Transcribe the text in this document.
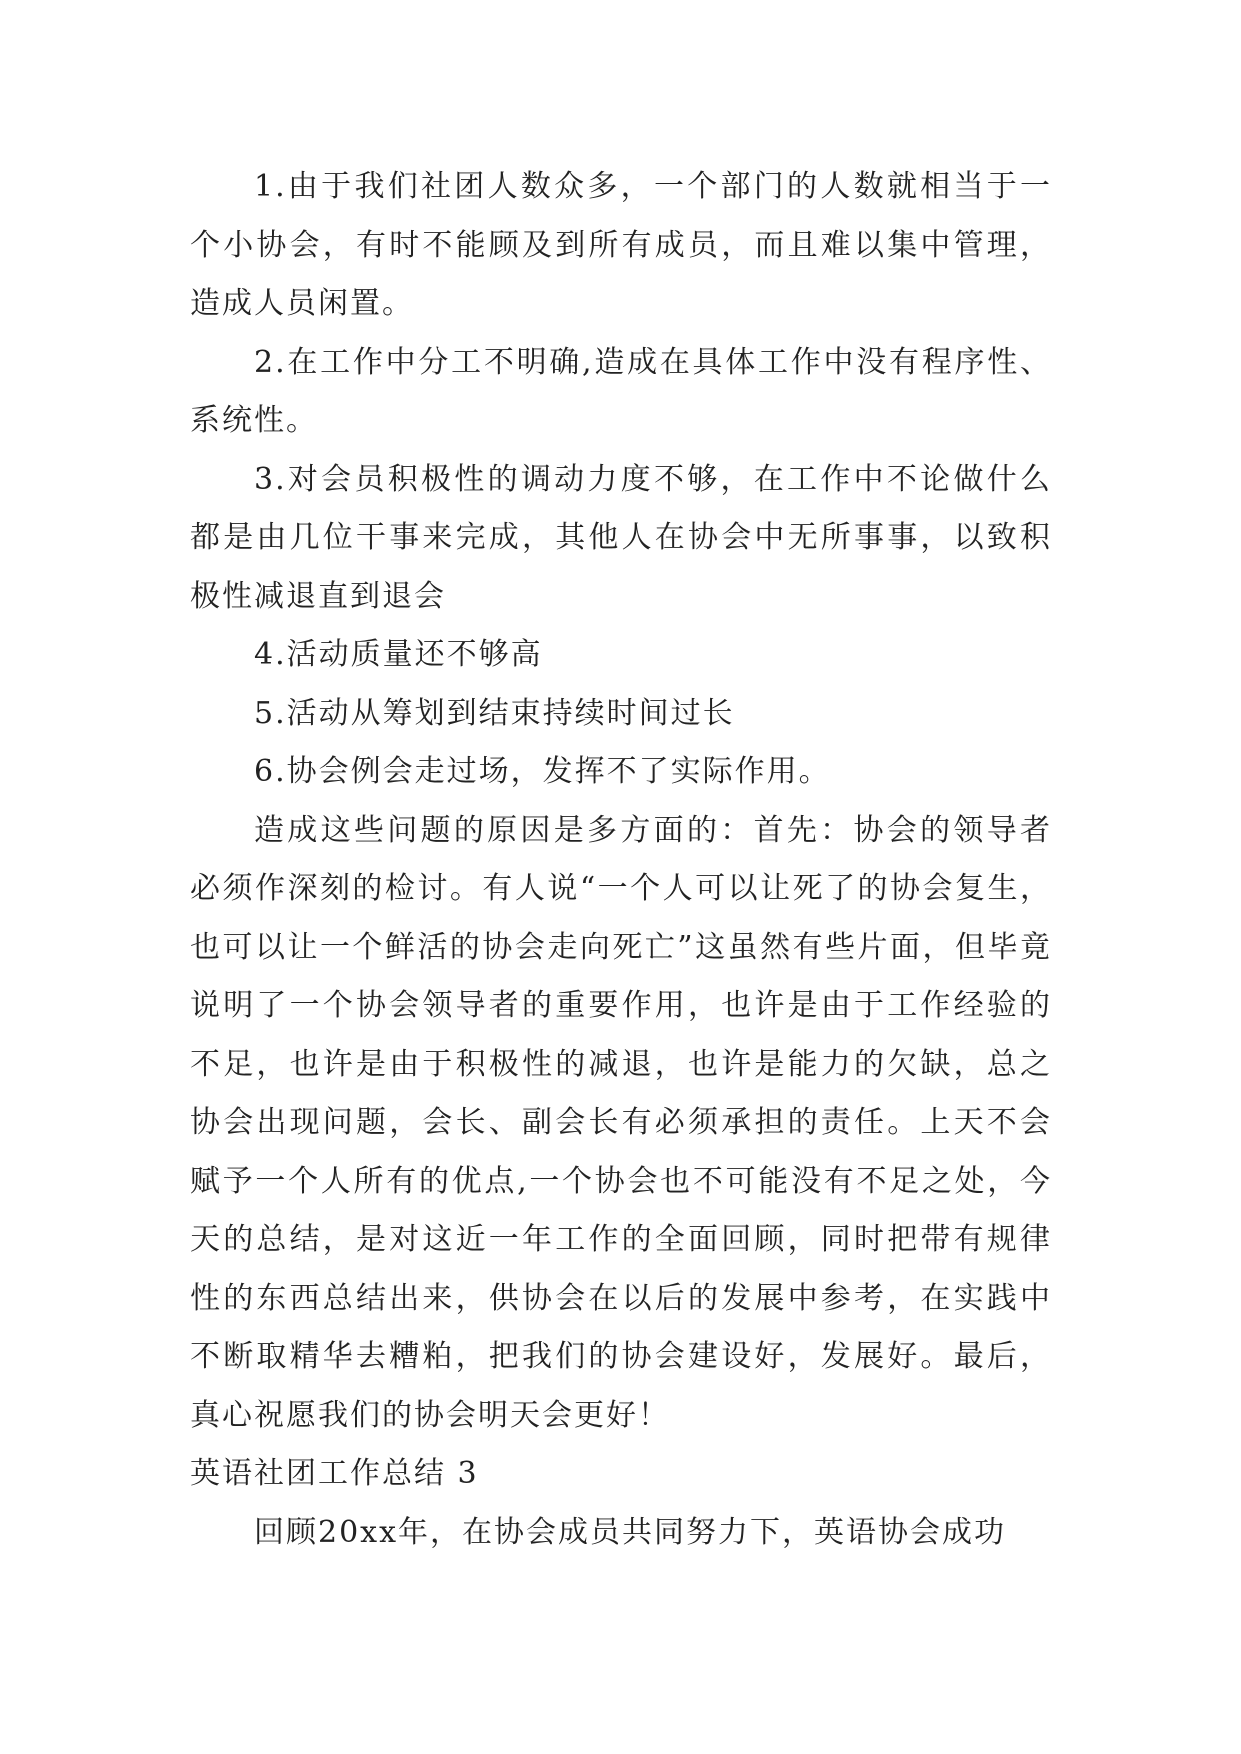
1.由于我们社团人数众多，一个部门的人数就相当于一个小协会，有时不能顾及到所有成员，而且难以集中管理，造成人员闲置。

2.在工作中分工不明确,造成在具体工作中没有程序性、系统性。

3.对会员积极性的调动力度不够，在工作中不论做什么都是由几位干事来完成，其他人在协会中无所事事，以致积极性减退直到退会

4.活动质量还不够高

5.活动从筹划到结束持续时间过长

6.协会例会走过场，发挥不了实际作用。

造成这些问题的原因是多方面的：首先：协会的领导者必须作深刻的检讨。有人说“一个人可以让死了的协会复生，也可以让一个鲜活的协会走向死亡”这虽然有些片面，但毕竟说明了一个协会领导者的重要作用，也许是由于工作经验的不足，也许是由于积极性的减退，也许是能力的欠缺，总之协会出现问题，会长、副会长有必须承担的责任。上天不会赋予一个人所有的优点,一个协会也不可能没有不足之处，今天的总结，是对这近一年工作的全面回顾，同时把带有规律性的东西总结出来，供协会在以后的发展中参考，在实践中不断取精华去糟粕，把我们的协会建设好，发展好。最后，真心祝愿我们的协会明天会更好！

英语社团工作总结 3

回顾20xx年，在协会成员共同努力下，英语协会成功
